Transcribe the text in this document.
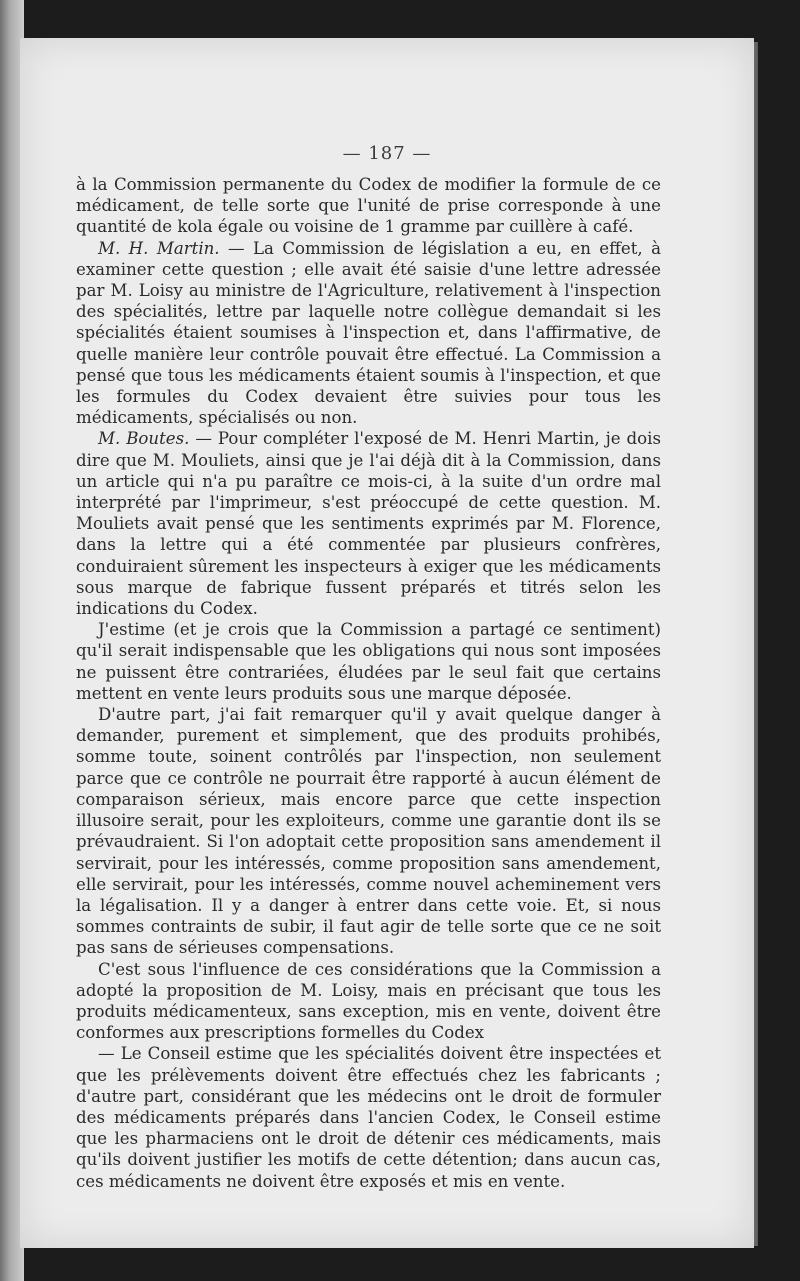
— 187 —

à la Commission permanente du Codex de modifier la formule de ce médicament, de telle sorte que l'unité de prise corresponde à une quantité de kola égale ou voisine de 1 gramme par cuillère à café.

M. H. Martin. — La Commission de législation a eu, en effet, à examiner cette question ; elle avait été saisie d'une lettre adressée par M. Loisy au ministre de l'Agriculture, relativement à l'inspection des spécialités, lettre par laquelle notre collègue demandait si les spécialités étaient soumises à l'inspection et, dans l'affirmative, de quelle manière leur contrôle pouvait être effectué. La Commission a pensé que tous les médicaments étaient soumis à l'inspection, et que les formules du Codex devaient être suivies pour tous les médicaments, spécialisés ou non.

M. Boutes. — Pour compléter l'exposé de M. Henri Martin, je dois dire que M. Mouliets, ainsi que je l'ai déjà dit à la Commission, dans un article qui n'a pu paraître ce mois-ci, à la suite d'un ordre mal interprété par l'imprimeur, s'est préoccupé de cette question. M. Mouliets avait pensé que les sentiments exprimés par M. Florence, dans la lettre qui a été commentée par plusieurs confrères, conduiraient sûrement les inspecteurs à exiger que les médicaments sous marque de fabrique fussent préparés et titrés selon les indications du Codex.

J'estime (et je crois que la Commission a partagé ce sentiment) qu'il serait indispensable que les obligations qui nous sont imposées ne puissent être contrariées, éludées par le seul fait que certains mettent en vente leurs produits sous une marque déposée.

D'autre part, j'ai fait remarquer qu'il y avait quelque danger à demander, purement et simplement, que des produits prohibés, somme toute, soinent contrôlés par l'inspection, non seulement parce que ce contrôle ne pourrait être rapporté à aucun élément de comparaison sérieux, mais encore parce que cette inspection illusoire serait, pour les exploiteurs, comme une garantie dont ils se prévaudraient. Si l'on adoptait cette proposition sans amendement il servirait, pour les intéressés, comme proposition sans amendement, elle servirait, pour les intéressés, comme nouvel acheminement vers la légalisation. Il y a danger à entrer dans cette voie. Et, si nous sommes contraints de subir, il faut agir de telle sorte que ce ne soit pas sans de sérieuses compensations.

C'est sous l'influence de ces considérations que la Commission a adopté la proposition de M. Loisy, mais en précisant que tous les produits médicamenteux, sans exception, mis en vente, doivent être conformes aux prescriptions formelles du Codex

— Le Conseil estime que les spécialités doivent être inspectées et que les prélèvements doivent être effectués chez les fabricants ; d'autre part, considérant que les médecins ont le droit de formuler des médicaments préparés dans l'ancien Codex, le Conseil estime que les pharmaciens ont le droit de détenir ces médicaments, mais qu'ils doivent justifier les motifs de cette détention; dans aucun cas, ces médicaments ne doivent être exposés et mis en vente.
